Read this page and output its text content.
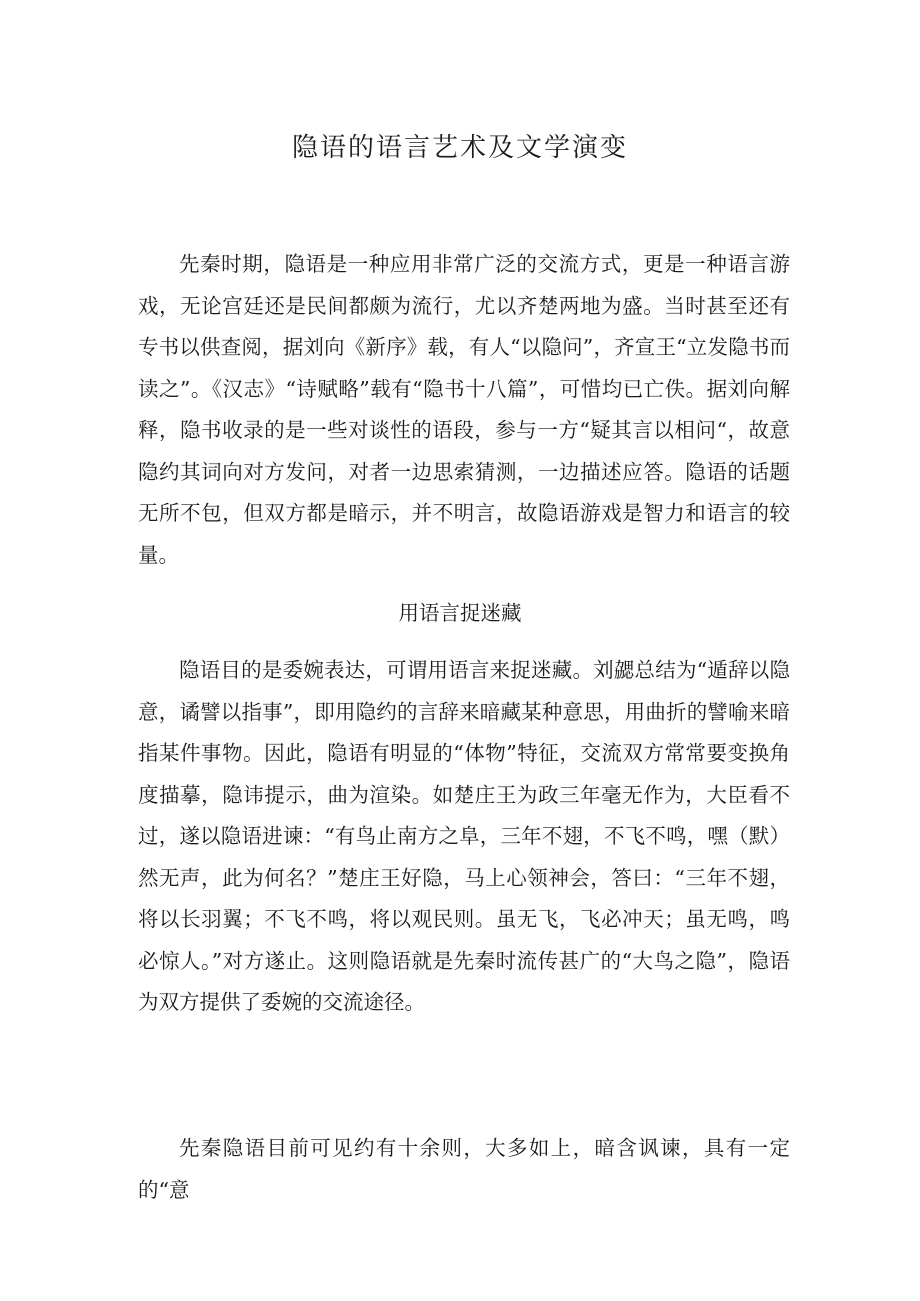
隐语的语言艺术及文学演变

先秦时期，隐语是一种应用非常广泛的交流方式，更是一种语言游戏，无论宫廷还是民间都颇为流行，尤以齐楚两地为盛。当时甚至还有专书以供查阅，据刘向《新序》载，有人“以隐问”，齐宣王“立发隐书而读之”。《汉志》“诗赋略”载有“隐书十八篇”，可惜均已亡佚。据刘向解释，隐书收录的是一些对谈性的语段，参与一方“疑其言以相问“，故意隐约其词向对方发问，对者一边思索猜测，一边描述应答。隐语的话题无所不包，但双方都是暗示，并不明言，故隐语游戏是智力和语言的较量。

用语言捉迷藏

隐语目的是委婉表达，可谓用语言来捉迷藏。刘勰总结为“遁辞以隐意，谲譬以指事”，即用隐约的言辞来暗藏某种意思，用曲折的譬喻来暗指某件事物。因此，隐语有明显的“体物”特征，交流双方常常要变换角度描摹，隐讳提示，曲为渲染。如楚庄王为政三年毫无作为，大臣看不过，遂以隐语进谏：“有鸟止南方之阜，三年不翅，不飞不鸣，嘿（默）然无声，此为何名？”楚庄王好隐，马上心领神会，答曰：“三年不翅，将以长羽翼；不飞不鸣，将以观民则。虽无飞，飞必冲天；虽无鸣，鸣必惊人。”对方遂止。这则隐语就是先秦时流传甚广的“大鸟之隐”，隐语为双方提供了委婉的交流途径。

先秦隐语目前可见约有十余则，大多如上，暗含讽谏，具有一定的“意
